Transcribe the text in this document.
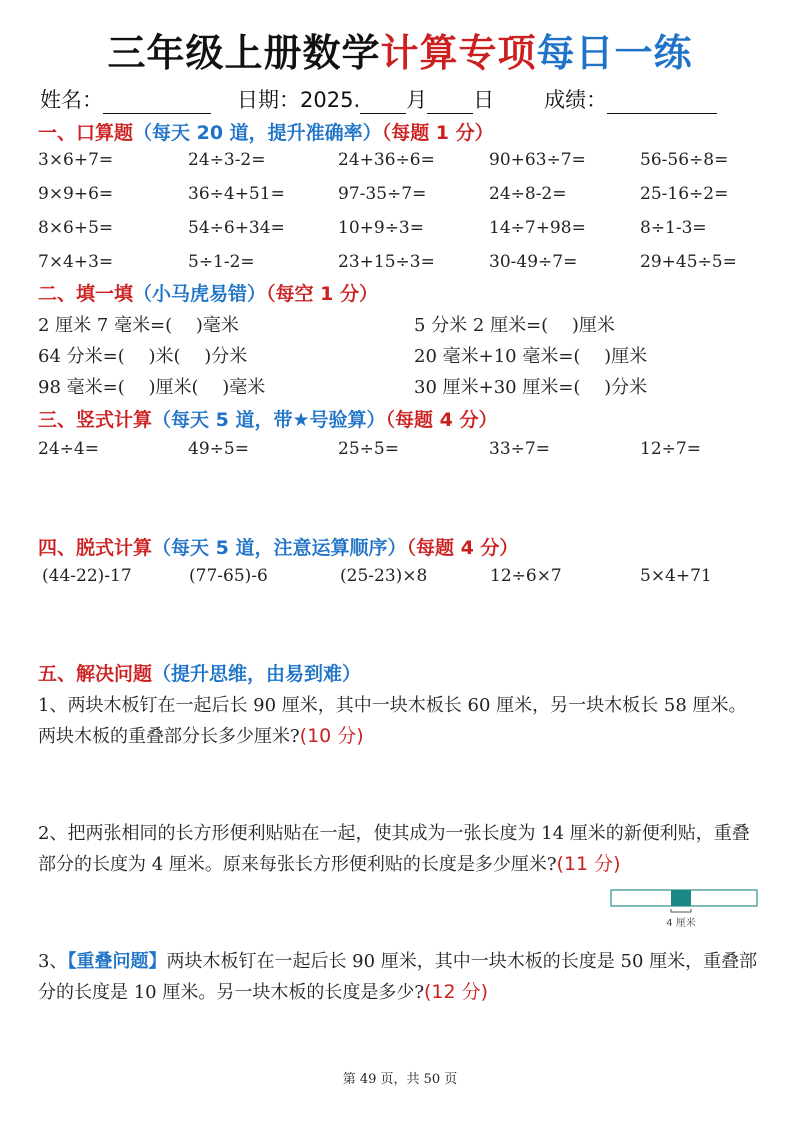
三年级上册数学计算专项每日一练
姓名：	日期：2025. 月 日 成绩：
一、口算题（每天 20 道，提升准确率）（每题 1 分）
3×6+7=	24÷3-2=	24+36÷6=	90+63÷7=	56-56÷8=
9×9+6=	36÷4+51=	97-35÷7=	24÷8-2=	25-16÷2=
8×6+5=	54÷6+34=	10+9÷3=	14÷7+98=	8÷1-3=
7×4+3=	5÷1-2=	23+15÷3=	30-49÷7=	29+45÷5=
二、填一填（小马虎易错）（每空 1 分）
2 厘米 7 毫米=(　 )毫米	5 分米 2 厘米=(　 )厘米
64 分米=(　 )米(　 )分米	20 毫米+10 毫米=(　 )厘米
98 毫米=(　 )厘米(　 )毫米	30 厘米+30 厘米=(　 )分米
三、竖式计算（每天 5 道，带★号验算）（每题 4 分）
24÷4=	49÷5=	25÷5=	33÷7=	12÷7=
四、脱式计算（每天 5 道，注意运算顺序）（每题 4 分）
(44-22)-17	(77-65)-6	(25-23)×8	12÷6×7	5×4+71
五、解决问题（提升思维，由易到难）
1、两块木板钉在一起后长 90 厘米，其中一块木板长 60 厘米，另一块木板长 58 厘米。两块木板的重叠部分长多少厘米?(10 分)
2、把两张相同的长方形便利贴贴在一起，使其成为一张长度为 14 厘米的新便利贴，重叠部分的长度为 4 厘米。原来每张长方形便利贴的长度是多少厘米?(11 分)
4 厘米
3、【重叠问题】两块木板钉在一起后长 90 厘米，其中一块木板的长度是 50 厘米，重叠部分的长度是 10 厘米。另一块木板的长度是多少?(12 分)
第 49 页，共 50 页
